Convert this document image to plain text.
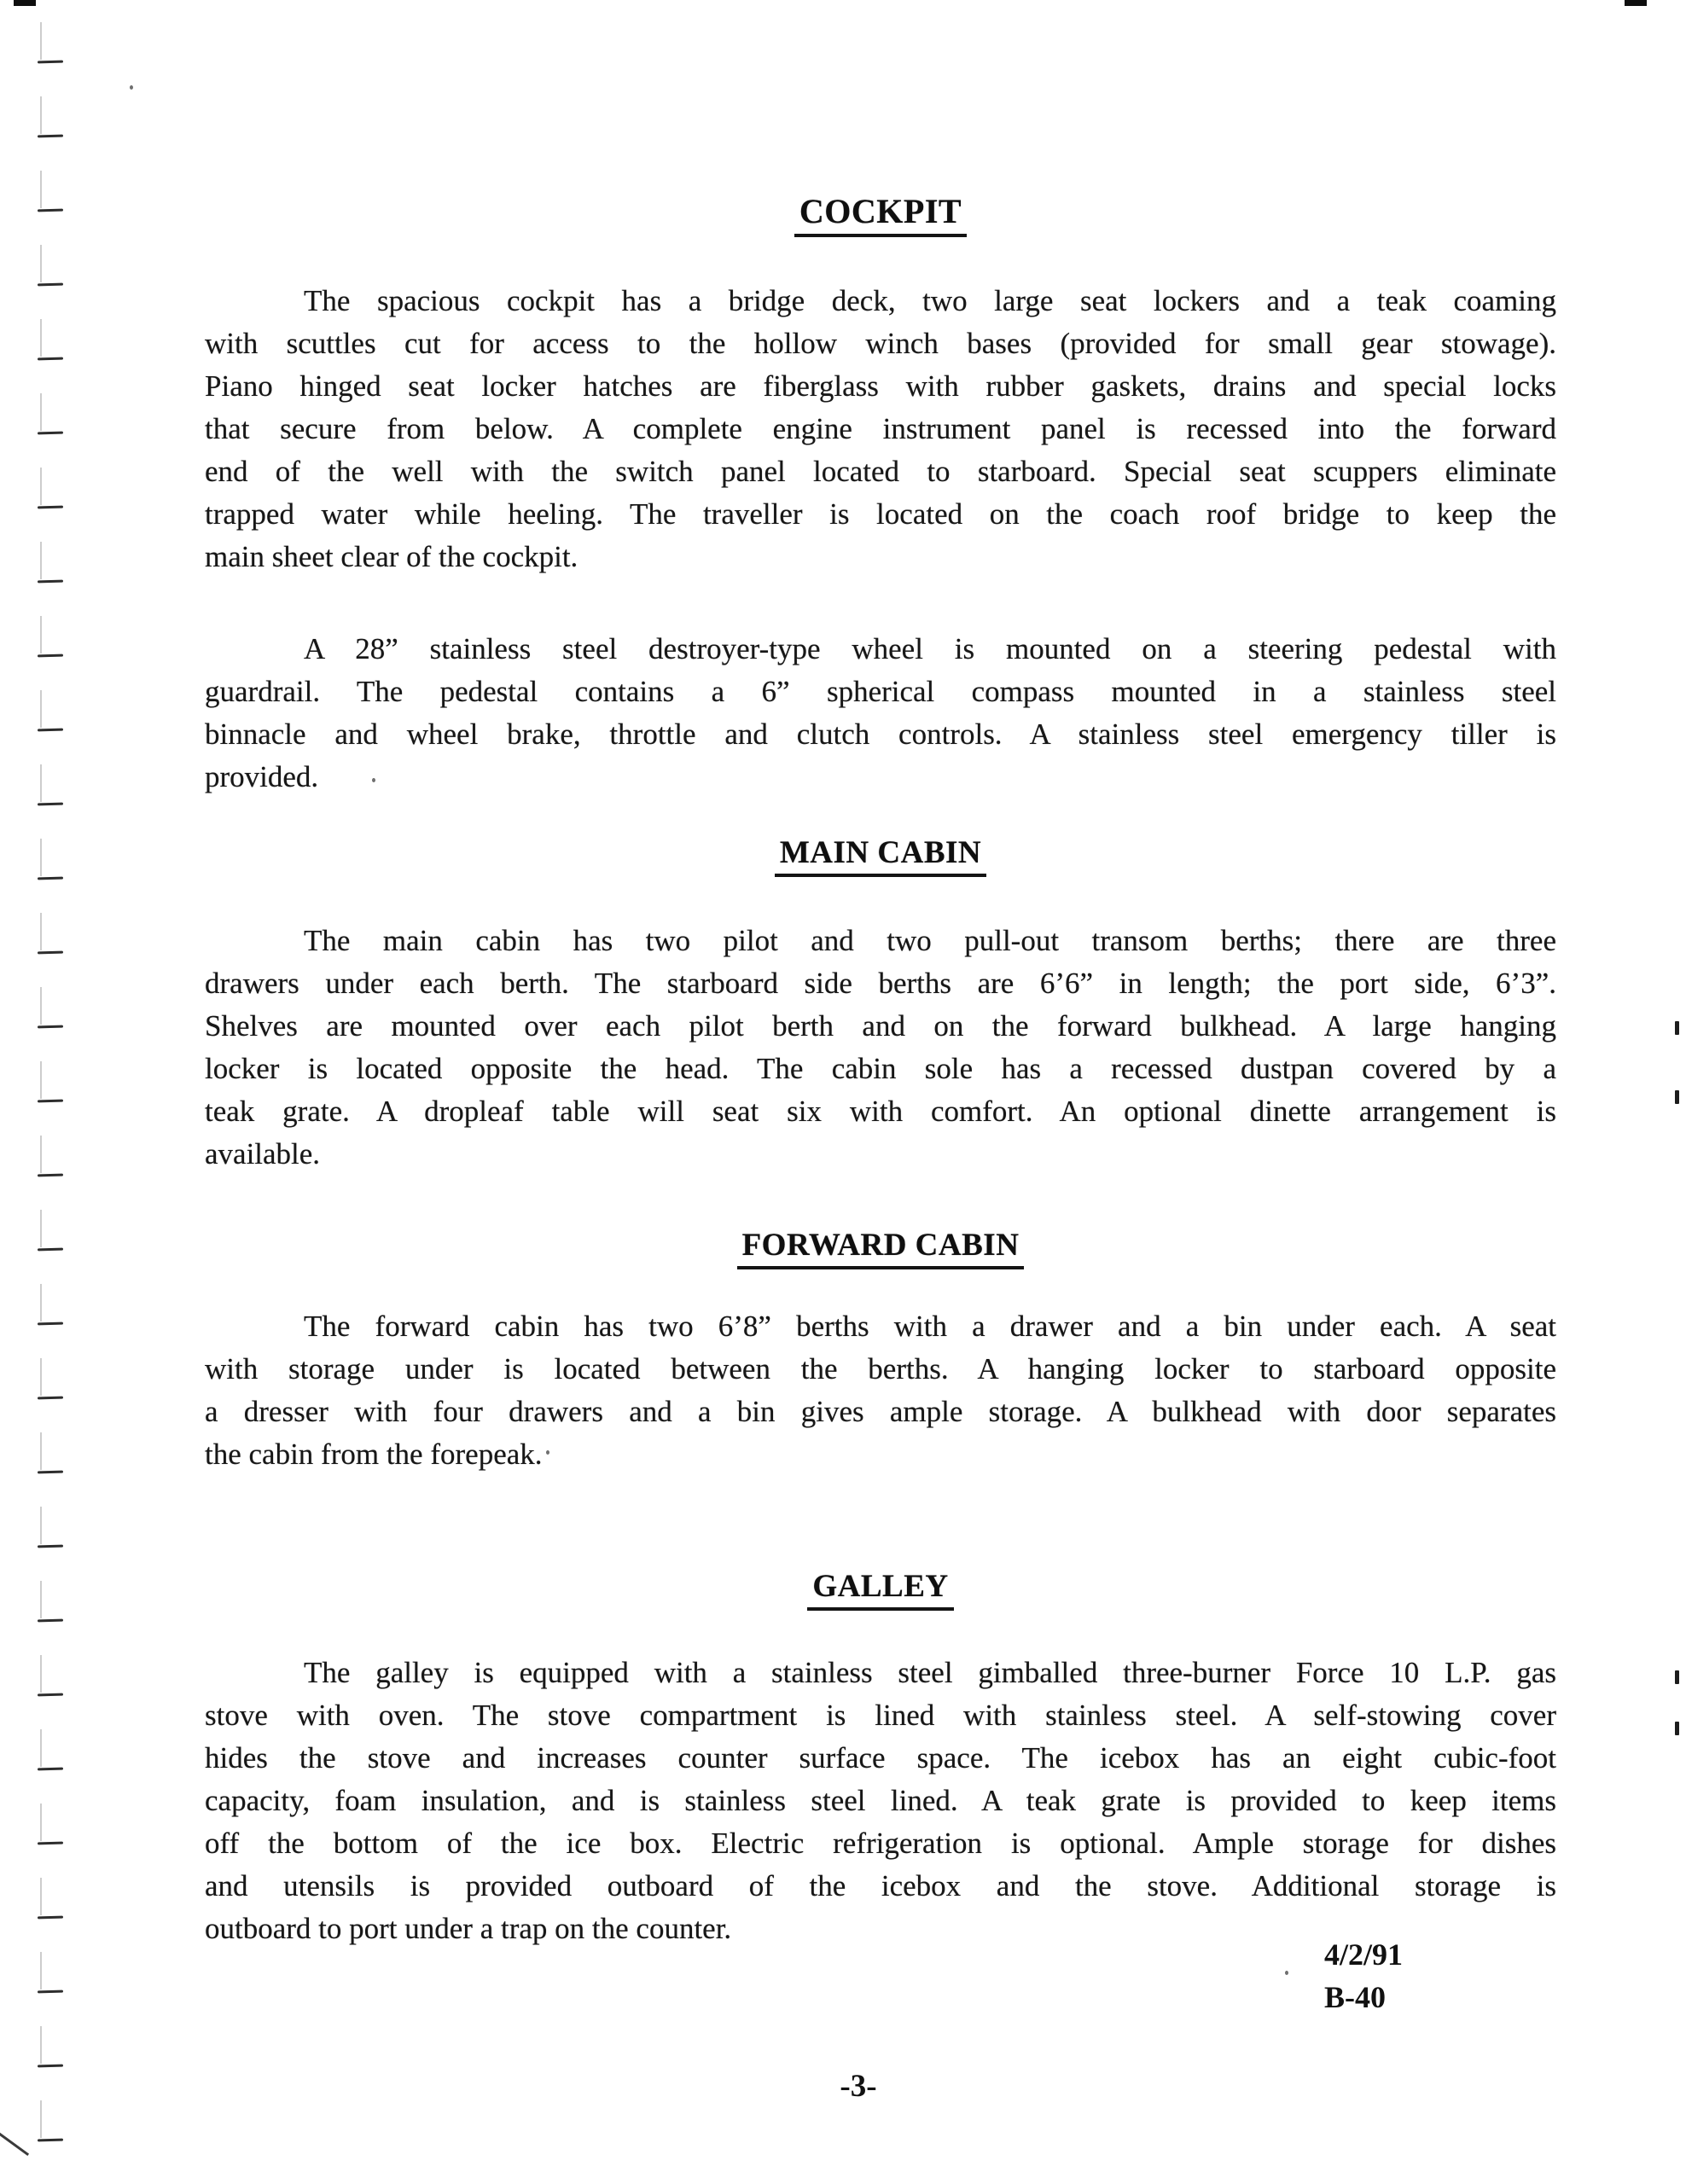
COCKPIT
The spacious cockpit has a bridge deck, two large seat lockers and a teak coaming
with scuttles cut for access to the hollow winch bases (provided for small gear stowage).
Piano hinged seat locker hatches are fiberglass with rubber gaskets, drains and special locks
that secure from below. A complete engine instrument panel is recessed into the forward
end of the well with the switch panel located to starboard. Special seat scuppers eliminate
trapped water while heeling. The traveller is located on the coach roof bridge to keep the
main sheet clear of the cockpit.
A 28” stainless steel destroyer-type wheel is mounted on a steering pedestal with
guardrail. The pedestal contains a 6” spherical compass mounted in a stainless steel
binnacle and wheel brake, throttle and clutch controls. A stainless steel emergency tiller is
provided.
MAIN CABIN
The main cabin has two pilot and two pull-out transom berths; there are three
drawers under each berth. The starboard side berths are 6’6” in length; the port side, 6’3”.
Shelves are mounted over each pilot berth and on the forward bulkhead. A large hanging
locker is located opposite the head. The cabin sole has a recessed dustpan covered by a
teak grate. A dropleaf table will seat six with comfort. An optional dinette arrangement is
available.
FORWARD CABIN
The forward cabin has two 6’8” berths with a drawer and a bin under each. A seat
with storage under is located between the berths. A hanging locker to starboard opposite
a dresser with four drawers and a bin gives ample storage. A bulkhead with door separates
the cabin from the forepeak.
GALLEY
The galley is equipped with a stainless steel gimballed three-burner Force 10 L.P. gas
stove with oven. The stove compartment is lined with stainless steel. A self-stowing cover
hides the stove and increases counter surface space. The icebox has an eight cubic-foot
capacity, foam insulation, and is stainless steel lined. A teak grate is provided to keep items
off the bottom of the ice box. Electric refrigeration is optional. Ample storage for dishes
and utensils is provided outboard of the icebox and the stove. Additional storage is
outboard to port under a trap on the counter.
4/2/91
B-40
-3-
